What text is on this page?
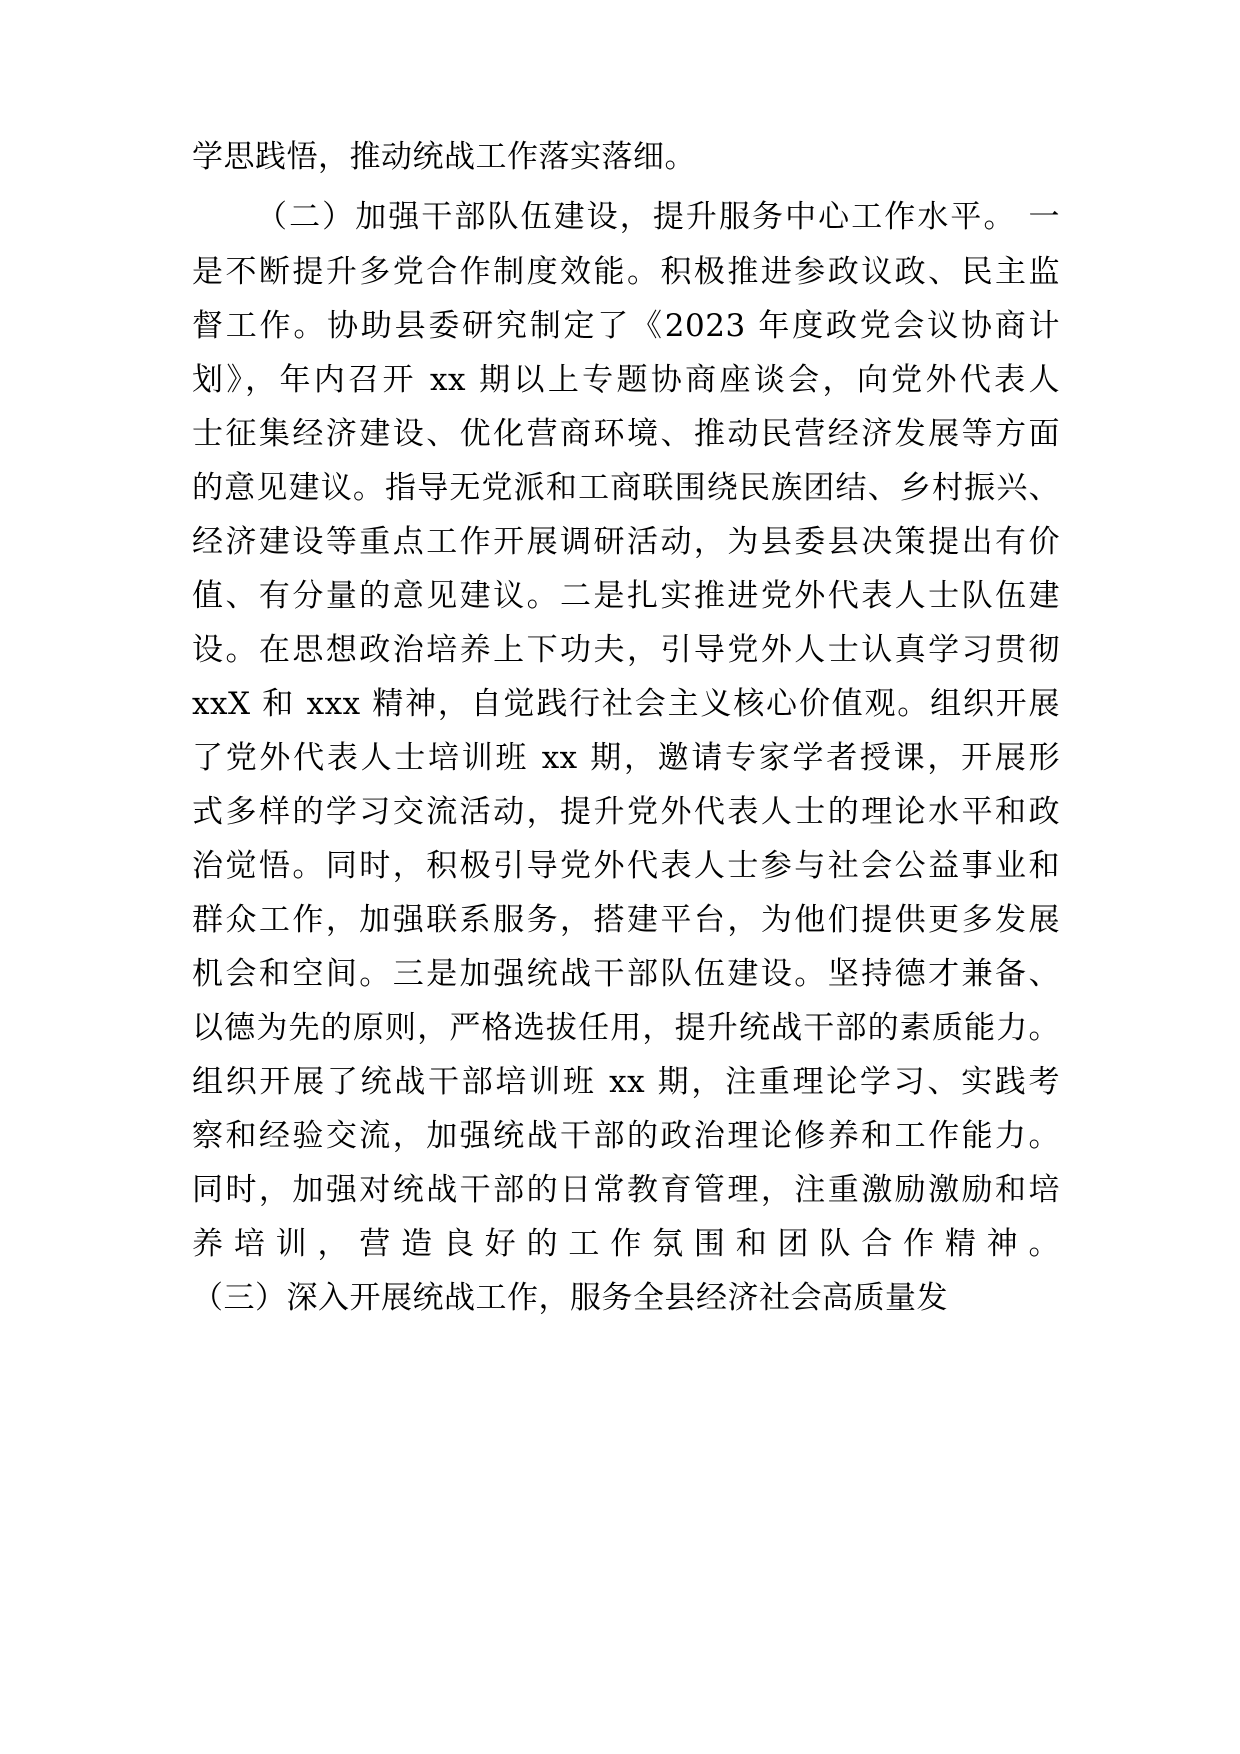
学思践悟，推动统战工作落实落细。
（二）加强干部队伍建设，提升服务中心工作水平。 一
是不断提升多党合作制度效能。积极推进参政议政、民主监
督工作。协助县委研究制定了《2023 年度政党会议协商计
划》，年内召开 xx 期以上专题协商座谈会，向党外代表人
士征集经济建设、优化营商环境、推动民营经济发展等方面
的意见建议。指导无党派和工商联围绕民族团结、乡村振兴、
经济建设等重点工作开展调研活动，为县委县决策提出有价
值、有分量的意见建议。二是扎实推进党外代表人士队伍建
设。在思想政治培养上下功夫，引导党外人士认真学习贯彻
xxX 和 xxx 精神，自觉践行社会主义核心价值观。组织开展
了党外代表人士培训班 xx 期，邀请专家学者授课，开展形
式多样的学习交流活动，提升党外代表人士的理论水平和政
治觉悟。同时，积极引导党外代表人士参与社会公益事业和
群众工作，加强联系服务，搭建平台，为他们提供更多发展
机会和空间。三是加强统战干部队伍建设。坚持德才兼备、
以德为先的原则，严格选拔任用，提升统战干部的素质能力。
组织开展了统战干部培训班 xx 期，注重理论学习、实践考
察和经验交流，加强统战干部的政治理论修养和工作能力。
同时，加强对统战干部的日常教育管理，注重激励激励和培
养培训，营造良好的工作氛围和团队合作精神。
（三）深入开展统战工作，服务全县经济社会高质量发
